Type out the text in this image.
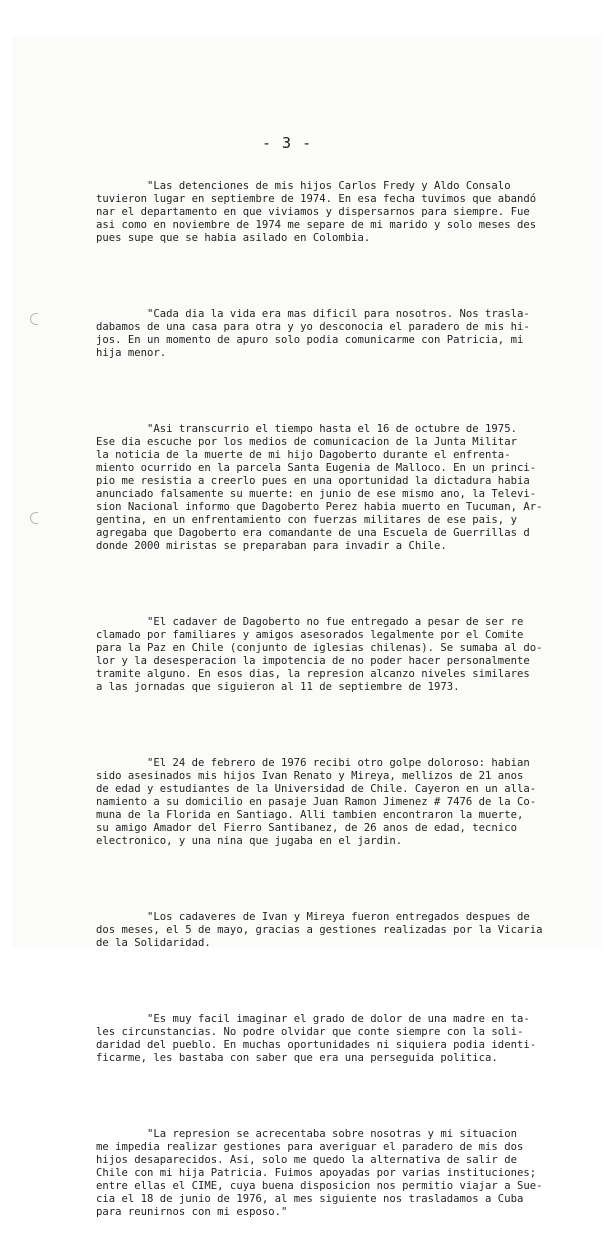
- 3 -

"Las detenciones de mis hijos Carlos Fredy y Aldo Consalo
tuvieron lugar en septiembre de 1974. En esa fecha tuvimos que abandó
nar el departamento en que viviamos y dispersarnos para siempre. Fue
asi como en noviembre de 1974 me separe de mi marido y solo meses des
pues supe que se habia asilado en Colombia.

"Cada dia la vida era mas dificil para nosotros. Nos trasla-
dabamos de una casa para otra y yo desconocia el paradero de mis hi-
jos. En un momento de apuro solo podia comunicarme con Patricia, mi
hija menor.

"Asi transcurrio el tiempo hasta el 16 de octubre de 1975.
Ese dia escuche por los medios de comunicacion de la Junta Militar
la noticia de la muerte de mi hijo Dagoberto durante el enfrenta-
miento ocurrido en la parcela Santa Eugenia de Malloco. En un princi-
pio me resistia a creerlo pues en una oportunidad la dictadura habia
anunciado falsamente su muerte: en junio de ese mismo ano, la Televi-
sion Nacional informo que Dagoberto Perez habia muerto en Tucuman, Ar-
gentina, en un enfrentamiento con fuerzas militares de ese pais, y
agregaba que Dagoberto era comandante de una Escuela de Guerrillas d
donde 2000 miristas se preparaban para invadir a Chile.

"El cadaver de Dagoberto no fue entregado a pesar de ser re
clamado por familiares y amigos asesorados legalmente por el Comite
para la Paz en Chile (conjunto de iglesias chilenas). Se sumaba al do-
lor y la desesperacion la impotencia de no poder hacer personalmente
tramite alguno. En esos dias, la represion alcanzo niveles similares
a las jornadas que siguieron al 11 de septiembre de 1973.

"El 24 de febrero de 1976 recibi otro golpe doloroso: habian
sido asesinados mis hijos Ivan Renato y Mireya, mellizos de 21 anos
de edad y estudiantes de la Universidad de Chile. Cayeron en un alla-
namiento a su domicilio en pasaje Juan Ramon Jimenez # 7476 de la Co-
muna de la Florida en Santiago. Alli tambien encontraron la muerte,
su amigo Amador del Fierro Santibanez, de 26 anos de edad, tecnico
electronico, y una nina que jugaba en el jardin.

"Los cadaveres de Ivan y Mireya fueron entregados despues de
dos meses, el 5 de mayo, gracias a gestiones realizadas por la Vicaria
de la Solidaridad.

"Es muy facil imaginar el grado de dolor de una madre en ta-
les circunstancias. No podre olvidar que conte siempre con la soli-
daridad del pueblo. En muchas oportunidades ni siquiera podia identi-
ficarme, les bastaba con saber que era una perseguida politica.

"La represion se acrecentaba sobre nosotras y mi situacion
me impedia realizar gestiones para averiguar el paradero de mis dos
hijos desaparecidos. Asi, solo me quedo la alternativa de salir de
Chile con mi hija Patricia. Fuimos apoyadas por varias instituciones;
entre ellas el CIME, cuya buena disposicion nos permitio viajar a Sue-
cia el 18 de junio de 1976, al mes siguiente nos trasladamos a Cuba
para reunirnos con mi esposo."
